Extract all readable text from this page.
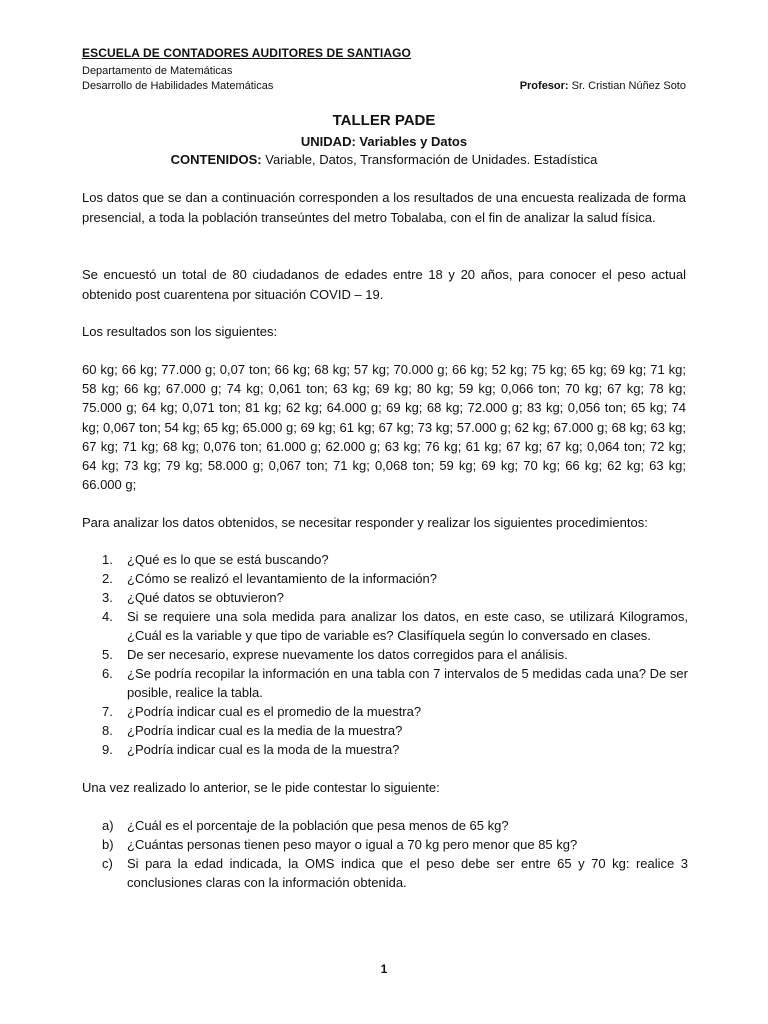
ESCUELA DE CONTADORES AUDITORES DE SANTIAGO
Departamento de Matemáticas
Desarrollo de Habilidades Matemáticas	Profesor: Sr. Cristian Núñez Soto
TALLER PADE
UNIDAD: Variables y Datos
CONTENIDOS: Variable, Datos, Transformación de Unidades. Estadística
Los datos que se dan a continuación corresponden a los resultados de una encuesta realizada de forma presencial, a toda la población transeúntes del metro Tobalaba, con el fin de analizar la salud física.
Se encuestó un total de 80 ciudadanos de edades entre 18 y 20 años, para conocer el peso actual obtenido post cuarentena por situación COVID – 19.
Los resultados son los siguientes:
60 kg; 66 kg; 77.000 g; 0,07 ton; 66 kg; 68 kg; 57 kg; 70.000 g; 66 kg; 52 kg; 75 kg; 65 kg; 69 kg; 71 kg; 58 kg; 66 kg; 67.000 g; 74 kg; 0,061 ton; 63 kg; 69 kg; 80 kg; 59 kg; 0,066 ton; 70 kg; 67 kg; 78 kg; 75.000 g; 64 kg; 0,071 ton; 81 kg; 62 kg; 64.000 g; 69 kg; 68 kg; 72.000 g; 83 kg; 0,056 ton; 65 kg; 74 kg; 0,067 ton; 54 kg; 65 kg; 65.000 g; 69 kg; 61 kg; 67 kg; 73 kg; 57.000 g; 62 kg; 67.000 g; 68 kg; 63 kg; 67 kg; 71 kg; 68 kg; 0,076 ton; 61.000 g; 62.000 g; 63 kg; 76 kg; 61 kg; 67 kg; 67 kg; 0,064 ton; 72 kg; 64 kg; 73 kg; 79 kg; 58.000 g; 0,067 ton; 71 kg; 0,068 ton; 59 kg; 69 kg; 70 kg; 66 kg; 62 kg; 63 kg; 66.000 g;
Para analizar los datos obtenidos, se necesitar responder y realizar los siguientes procedimientos:
1. ¿Qué es lo que se está buscando?
2. ¿Cómo se realizó el levantamiento de la información?
3. ¿Qué datos se obtuvieron?
4. Si se requiere una sola medida para analizar los datos, en este caso, se utilizará Kilogramos, ¿Cuál es la variable y que tipo de variable es? Clasifíquela según lo conversado en clases.
5. De ser necesario, exprese nuevamente los datos corregidos para el análisis.
6. ¿Se podría recopilar la información en una tabla con 7 intervalos de 5 medidas cada una? De ser posible, realice la tabla.
7. ¿Podría indicar cual es el promedio de la muestra?
8. ¿Podría indicar cual es la media de la muestra?
9. ¿Podría indicar cual es la moda de la muestra?
Una vez realizado lo anterior, se le pide contestar lo siguiente:
a) ¿Cuál es el porcentaje de la población que pesa menos de 65 kg?
b) ¿Cuántas personas tienen peso mayor o igual a 70 kg pero menor que 85 kg?
c) Si para la edad indicada, la OMS indica que el peso debe ser entre 65 y 70 kg: realice 3 conclusiones claras con la información obtenida.
1
